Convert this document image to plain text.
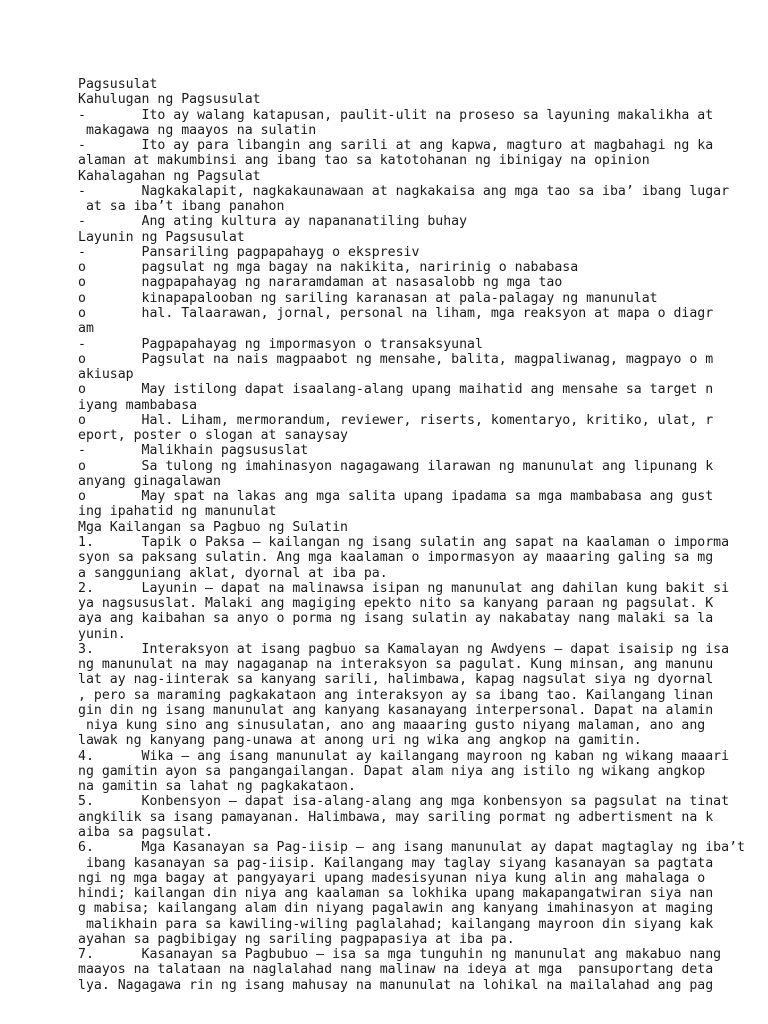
Pagsusulat
Kahulugan ng Pagsusulat
-       Ito ay walang katapusan, paulit-ulit na proseso sa layuning makalikha at
makagawa ng maayos na sulatin
-       Ito ay para libangin ang sarili at ang kapwa, magturo at magbahagi ng ka
alaman at makumbinsi ang ibang tao sa katotohanan ng ibinigay na opinion
Kahalagahan ng Pagsulat
-       Nagkakalapit, nagkakaunawaan at nagkakaisa ang mga tao sa iba’ ibang lugar
at sa iba’t ibang panahon
-       Ang ating kultura ay napananatiling buhay
Layunin ng Pagsusulat
-       Pansariling pagpapahayg o ekspresiv
o       pagsulat ng mga bagay na nakikita, naririnig o nababasa
o       nagpapahayag ng nararamdaman at nasasalobb ng mga tao
o       kinapapalooban ng sariling karanasan at pala-palagay ng manunulat
o       hal. Talaarawan, jornal, personal na liham, mga reaksyon at mapa o diagr
am
-       Pagpapahayag ng impormasyon o transaksyunal
o       Pagsulat na nais magpaabot ng mensahe, balita, magpaliwanag, magpayo o m
akiusap
o       May istilong dapat isaalang-alang upang maihatid ang mensahe sa target n
iyang mambabasa
o       Hal. Liham, mermorandum, reviewer, riserts, komentaryo, kritiko, ulat, r
eport, poster o slogan at sanaysay
-       Malikhain pagsususlat
o       Sa tulong ng imahinasyon nagagawang ilarawan ng manunulat ang lipunang k
anyang ginagalawan
o       May spat na lakas ang mga salita upang ipadama sa mga mambabasa ang gust
ing ipahatid ng manunulat
Mga Kailangan sa Pagbuo ng Sulatin
1.      Tapik o Paksa – kailangan ng isang sulatin ang sapat na kaalaman o imporma
syon sa paksang sulatin. Ang mga kaalaman o impormasyon ay maaaring galing sa mg
a sangguniang aklat, dyornal at iba pa.
2.      Layunin – dapat na malinawsa isipan ng manunulat ang dahilan kung bakit si
ya nagsususlat. Malaki ang magiging epekto nito sa kanyang paraan ng pagsulat. K
aya ang kaibahan sa anyo o porma ng isang sulatin ay nakabatay nang malaki sa la
yunin.
3.      Interaksyon at isang pagbuo sa Kamalayan ng Awdyens – dapat isaisip ng isa
ng manunulat na may nagaganap na interaksyon sa pagulat. Kung minsan, ang manunu
lat ay nag-iinterak sa kanyang sarili, halimbawa, kapag nagsulat siya ng dyornal
, pero sa maraming pagkakataon ang interaksyon ay sa ibang tao. Kailangang linan
gin din ng isang manunulat ang kanyang kasanayang interpersonal. Dapat na alamin
niya kung sino ang sinusulatan, ano ang maaaring gusto niyang malaman, ano ang
lawak ng kanyang pang-unawa at anong uri ng wika ang angkop na gamitin.
4.      Wika – ang isang manunulat ay kailangang mayroon ng kaban ng wikang maaari
ng gamitin ayon sa pangangailangan. Dapat alam niya ang istilo ng wikang angkop
na gamitin sa lahat ng pagkakataon.
5.      Konbensyon – dapat isa-alang-alang ang mga konbensyon sa pagsulat na tinat
angkilik sa isang pamayanan. Halimbawa, may sariling pormat ng adbertisment na k
aiba sa pagsulat.
6.      Mga Kasanayan sa Pag-iisip – ang isang manunulat ay dapat magtaglay ng iba’t
ibang kasanayan sa pag-iisip. Kailangang may taglay siyang kasanayan sa pagtata
ngi ng mga bagay at pangyayari upang madesisyunan niya kung alin ang mahalaga o
hindi; kailangan din niya ang kaalaman sa lokhika upang makapangatwiran siya nan
g mabisa; kailangang alam din niyang pagalawin ang kanyang imahinasyon at maging
malikhain para sa kawiling-wiling paglalahad; kailangang mayroon din siyang kak
ayahan sa pagbibigay ng sariling pagpapasiya at iba pa.
7.      Kasanayan sa Pagbubuo – isa sa mga tunguhin ng manunulat ang makabuo nang
maayos na talataan na naglalahad nang malinaw na ideya at mga  pansuportang deta
lya. Nagagawa rin ng isang mahusay na manunulat na lohikal na mailalahad ang pag
